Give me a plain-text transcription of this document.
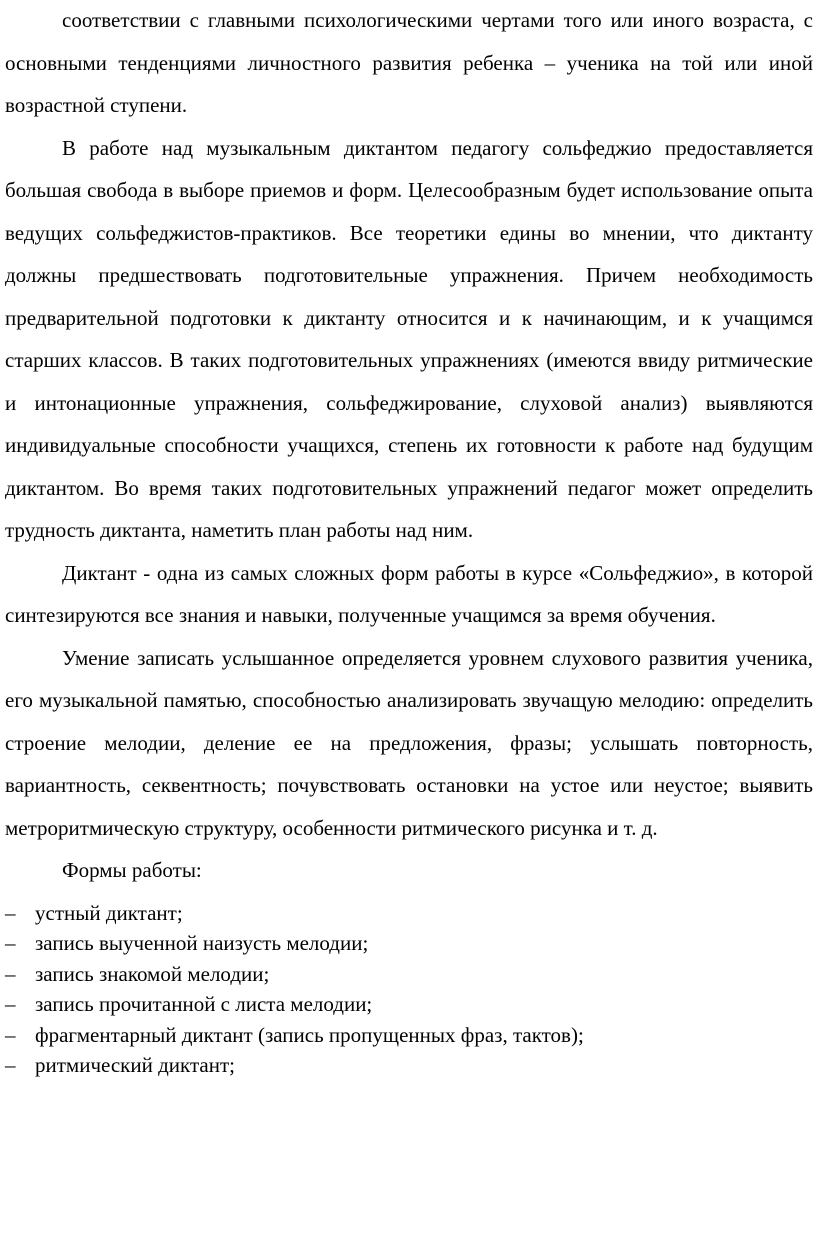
соответствии с главными психологическими чертами того или иного возраста, с основными тенденциями личностного развития ребенка – ученика на той или иной возрастной ступени.

В работе над музыкальным диктантом педагогу сольфеджио предоставляется большая свобода в выборе приемов и форм. Целесообразным будет использование опыта ведущих сольфеджистов-практиков. Все теоретики едины во мнении, что диктанту должны предшествовать подготовительные упражнения. Причем необходимость предварительной подготовки к диктанту относится и к начинающим, и к учащимся старших классов. В таких подготовительных упражнениях (имеются ввиду ритмические и интонационные упражнения, сольфеджирование, слуховой анализ) выявляются индивидуальные способности учащихся, степень их готовности к работе над будущим диктантом. Во время таких подготовительных упражнений педагог может определить трудность диктанта, наметить план работы над ним.

Диктант - одна из самых сложных форм работы в курсе «Сольфеджио», в которой синтезируются все знания и навыки, полученные учащимся за время обучения.

Умение записать услышанное определяется уровнем слухового развития ученика, его музыкальной памятью, способностью анализировать звучащую мелодию: определить строение мелодии, деление ее на предложения, фразы; услышать повторность, вариантность, секвентность; почувствовать остановки на устое или неустое; выявить метроритмическую структуру, особенности ритмического рисунка и т. д.

Формы работы:

– устный диктант;
– запись выученной наизусть мелодии;
– запись знакомой мелодии;
– запись прочитанной с листа мелодии;
– фрагментарный диктант (запись пропущенных фраз, тактов);
– ритмический диктант;
